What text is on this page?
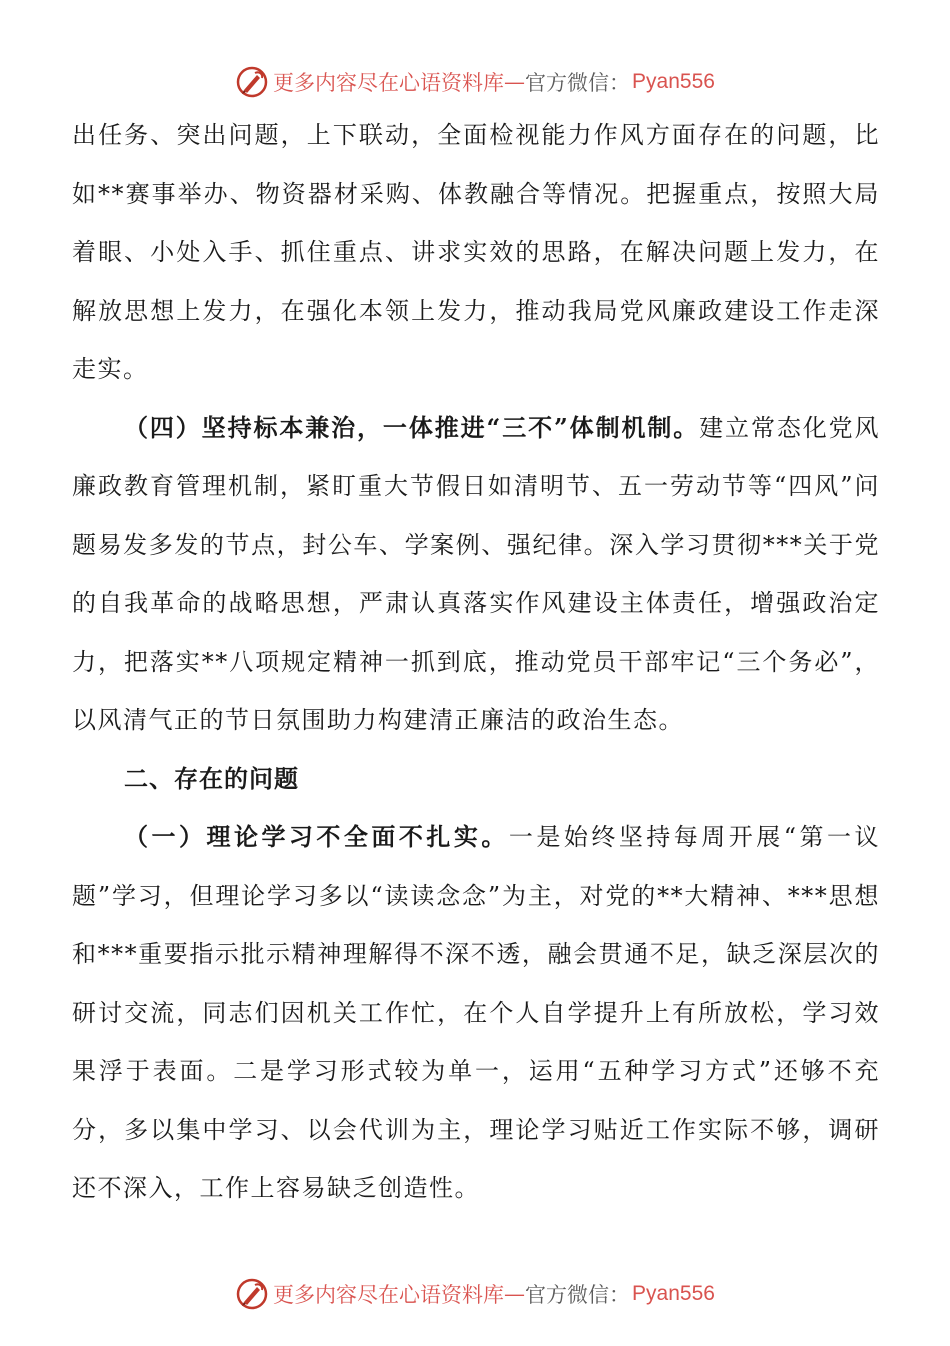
更多内容尽在心语资料库 — 官方微信： Pyan556

出任务、突出问题，上下联动，全面检视能力作风方面存在的问题，比如**赛事举办、物资器材采购、体教融合等情况。把握重点，按照大局着眼、小处入手、抓住重点、讲求实效的思路，在解决问题上发力，在解放思想上发力，在强化本领上发力，推动我局党风廉政建设工作走深走实。

（四）坚持标本兼治，一体推进“三不”体制机制。建立常态化党风廉政教育管理机制，紧盯重大节假日如清明节、五一劳动节等“四风”问题易发多发的节点，封公车、学案例、强纪律。深入学习贯彻***关于党的自我革命的战略思想，严肃认真落实作风建设主体责任，增强政治定力，把落实**八项规定精神一抓到底，推动党员干部牢记“三个务必”，以风清气正的节日氛围助力构建清正廉洁的政治生态。

二、存在的问题

（一）理论学习不全面不扎实。一是始终坚持每周开展“第一议题”学习，但理论学习多以“读读念念”为主，对党的**大精神、***思想和***重要指示批示精神理解得不深不透，融会贯通不足，缺乏深层次的研讨交流，同志们因机关工作忙，在个人自学提升上有所放松，学习效果浮于表面。二是学习形式较为单一，运用“五种学习方式”还够不充分，多以集中学习、以会代训为主，理论学习贴近工作实际不够，调研还不深入，工作上容易缺乏创造性。

更多内容尽在心语资料库 — 官方微信： Pyan556
